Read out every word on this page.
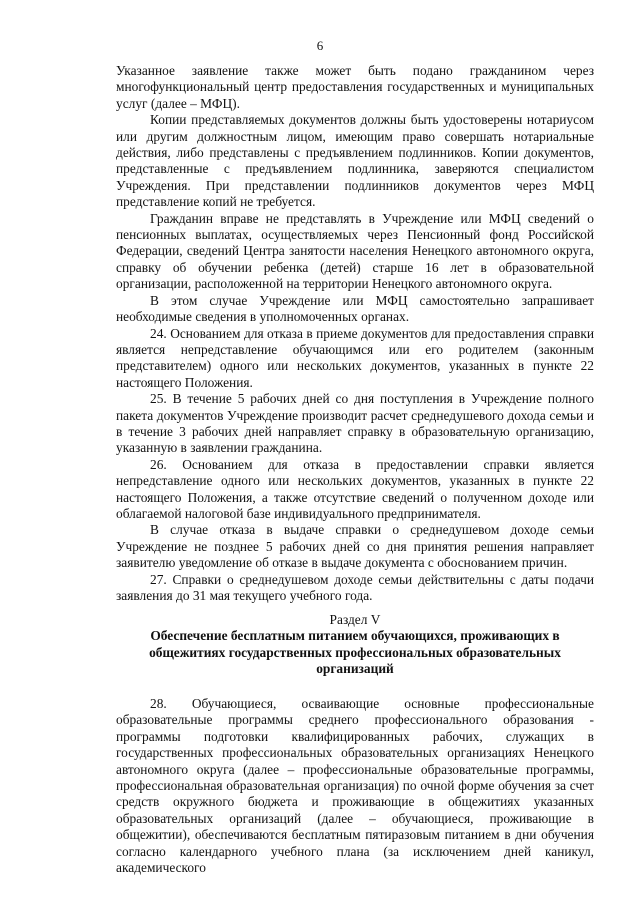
6

Указанное заявление также может быть подано гражданином через многофункциональный центр предоставления государственных и муниципальных услуг (далее – МФЦ).

Копии представляемых документов должны быть удостоверены нотариусом или другим должностным лицом, имеющим право совершать нотариальные действия, либо представлены с предъявлением подлинников. Копии документов, представленные с предъявлением подлинника, заверяются специалистом Учреждения. При представлении подлинников документов через МФЦ представление копий не требуется.

Гражданин вправе не представлять в Учреждение или МФЦ сведений о пенсионных выплатах, осуществляемых через Пенсионный фонд Российской Федерации, сведений Центра занятости населения Ненецкого автономного округа, справку об обучении ребенка (детей) старше 16 лет в образовательной организации, расположенной на территории Ненецкого автономного округа.

В этом случае Учреждение или МФЦ самостоятельно запрашивает необходимые сведения в уполномоченных органах.

24. Основанием для отказа в приеме документов для предоставления справки является непредставление обучающимся или его родителем (законным представителем) одного или нескольких документов, указанных в пункте 22 настоящего Положения.

25. В течение 5 рабочих дней со дня поступления в Учреждение полного пакета документов Учреждение производит расчет среднедушевого дохода семьи и в течение 3 рабочих дней направляет справку в образовательную организацию, указанную в заявлении гражданина.

26. Основанием для отказа в предоставлении справки является непредставление одного или нескольких документов, указанных в пункте 22 настоящего Положения, а также отсутствие сведений о полученном доходе или облагаемой налоговой базе индивидуального предпринимателя.

В случае отказа в выдаче справки о среднедушевом доходе семьи Учреждение не позднее 5 рабочих дней со дня принятия решения направляет заявителю уведомление об отказе в выдаче документа с обоснованием причин.

27. Справки о среднедушевом доходе семьи действительны с даты подачи заявления до 31 мая текущего учебного года.

Раздел V
Обеспечение бесплатным питанием обучающихся, проживающих в общежитиях государственных профессиональных образовательных организаций

28. Обучающиеся, осваивающие основные профессиональные образовательные программы среднего профессионального образования - программы подготовки квалифицированных рабочих, служащих в государственных профессиональных образовательных организациях Ненецкого автономного округа (далее – профессиональные образовательные программы, профессиональная образовательная организация) по очной форме обучения за счет средств окружного бюджета и проживающие в общежитиях указанных образовательных организаций (далее – обучающиеся, проживающие в общежитии), обеспечиваются бесплатным пятиразовым питанием в дни обучения согласно календарного учебного плана (за исключением дней каникул, академического
